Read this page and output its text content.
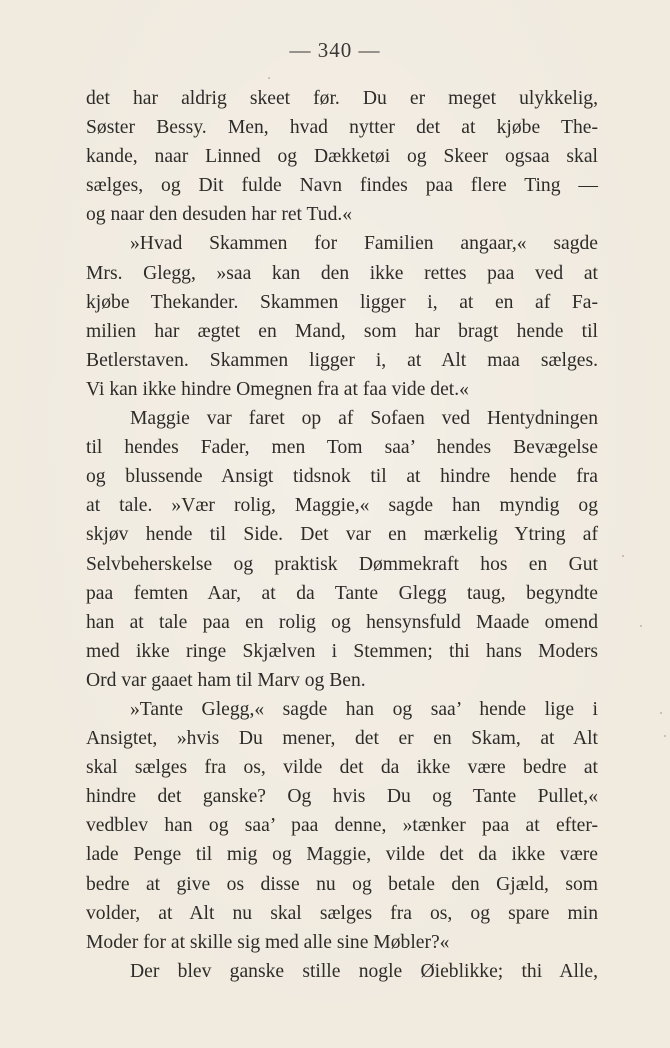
— 340 —
det har aldrig skeet før. Du er meget ulykkelig,
Søster Bessy. Men, hvad nytter det at kjøbe The-
kande, naar Linned og Dækketøi og Skeer ogsaa skal
sælges, og Dit fulde Navn findes paa flere Ting —
og naar den desuden har ret Tud.«
»Hvad Skammen for Familien angaar,« sagde
Mrs. Glegg, »saa kan den ikke rettes paa ved at
kjøbe Thekander. Skammen ligger i, at en af Fa-
milien har ægtet en Mand, som har bragt hende til
Betlerstaven. Skammen ligger i, at Alt maa sælges.
Vi kan ikke hindre Omegnen fra at faa vide det.«
Maggie var faret op af Sofaen ved Hentydningen
til hendes Fader, men Tom saa’ hendes Bevægelse
og blussende Ansigt tidsnok til at hindre hende fra
at tale. »Vær rolig, Maggie,« sagde han myndig og
skjøv hende til Side. Det var en mærkelig Ytring af
Selvbeherskelse og praktisk Dømmekraft hos en Gut
paa femten Aar, at da Tante Glegg taug, begyndte
han at tale paa en rolig og hensynsfuld Maade omend
med ikke ringe Skjælven i Stemmen; thi hans Moders
Ord var gaaet ham til Marv og Ben.
»Tante Glegg,« sagde han og saa’ hende lige i
Ansigtet, »hvis Du mener, det er en Skam, at Alt
skal sælges fra os, vilde det da ikke være bedre at
hindre det ganske? Og hvis Du og Tante Pullet,«
vedblev han og saa’ paa denne, »tænker paa at efter-
lade Penge til mig og Maggie, vilde det da ikke være
bedre at give os disse nu og betale den Gjæld, som
volder, at Alt nu skal sælges fra os, og spare min
Moder for at skille sig med alle sine Møbler?«
Der blev ganske stille nogle Øieblikke; thi Alle,
